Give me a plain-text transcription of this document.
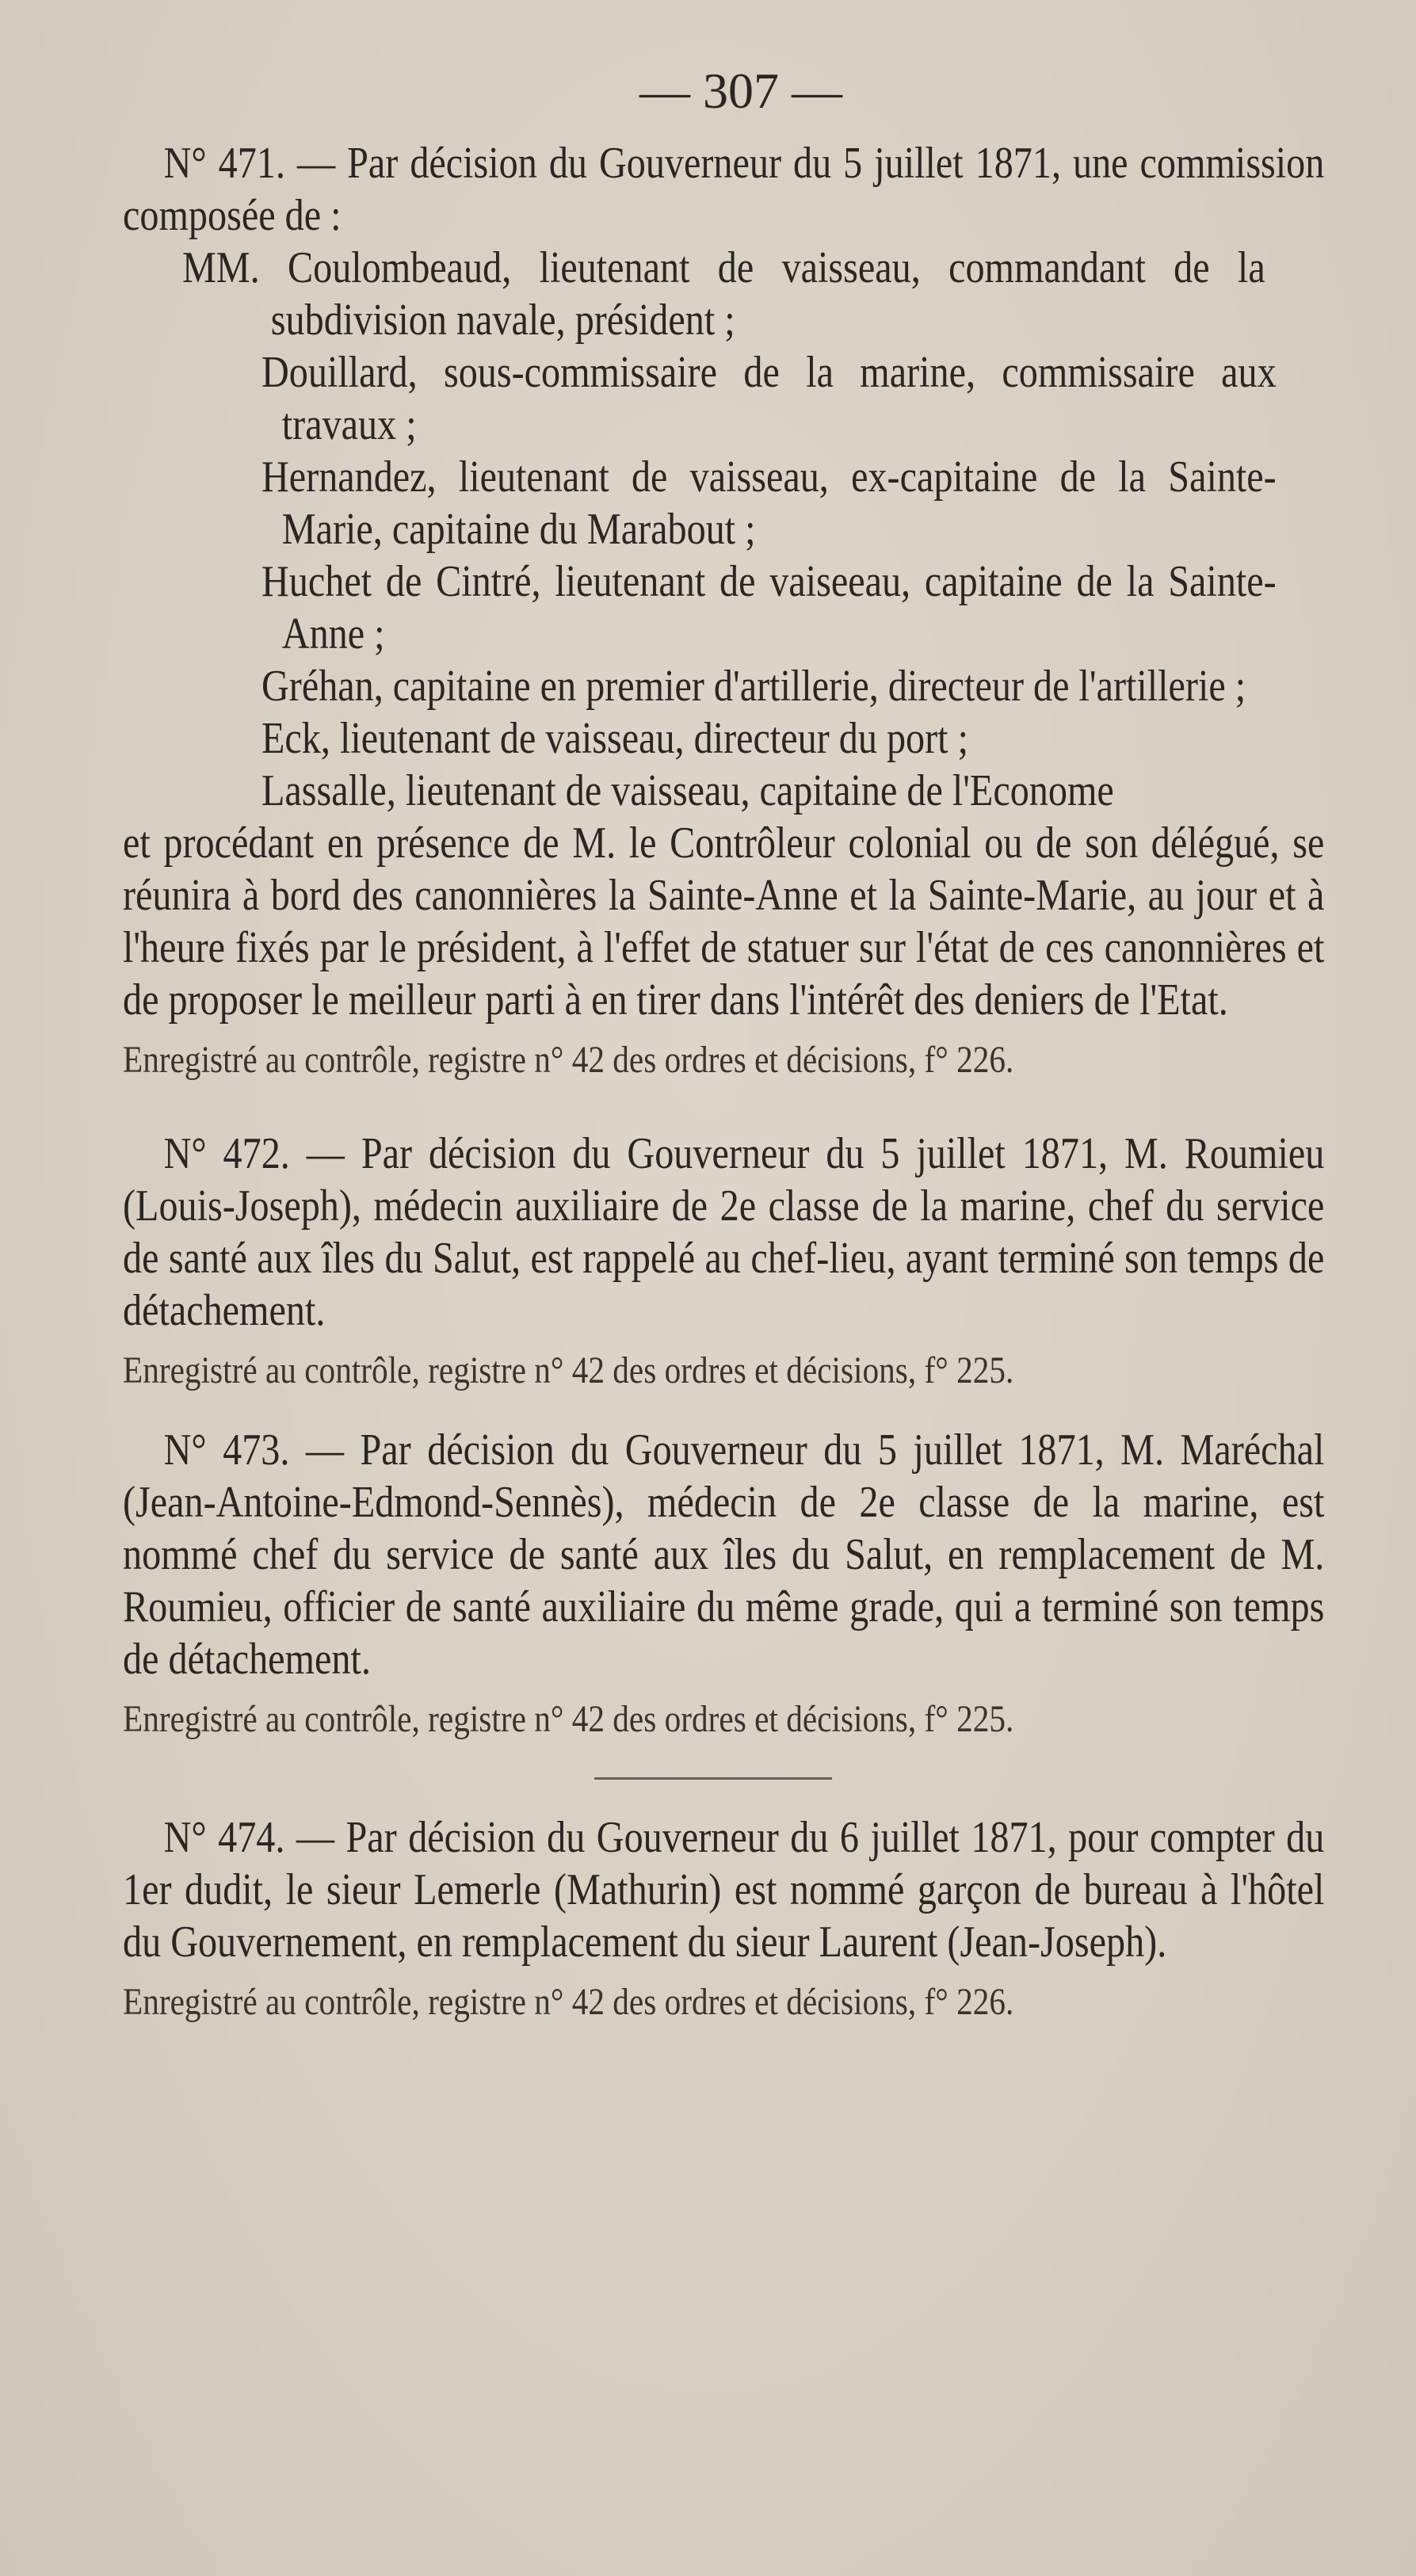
— 307 —

N° 471. — Par décision du Gouverneur du 5 juillet 1871, une commission composée de :

MM. Coulombeaud, lieutenant de vaisseau, commandant de la subdivision navale, président ;

Douillard, sous-commissaire de la marine, commissaire aux travaux ;

Hernandez, lieutenant de vaisseau, ex-capitaine de la Sainte-Marie, capitaine du Marabout ;

Huchet de Cintré, lieutenant de vaiseeau, capitaine de la Sainte-Anne ;

Gréhan, capitaine en premier d'artillerie, directeur de l'artillerie ;

Eck, lieutenant de vaisseau, directeur du port ;

Lassalle, lieutenant de vaisseau, capitaine de l'Econome

et procédant en présence de M. le Contrôleur colonial ou de son délégué, se réunira à bord des canonnières la Sainte-Anne et la Sainte-Marie, au jour et à l'heure fixés par le président, à l'effet de statuer sur l'état de ces canonnières et de proposer le meilleur parti à en tirer dans l'intérêt des deniers de l'Etat.

Enregistré au contrôle, registre n° 42 des ordres et décisions, f° 226.

N° 472. — Par décision du Gouverneur du 5 juillet 1871, M. Roumieu (Louis-Joseph), médecin auxiliaire de 2e classe de la marine, chef du service de santé aux îles du Salut, est rappelé au chef-lieu, ayant terminé son temps de détachement.

Enregistré au contrôle, registre n° 42 des ordres et décisions, f° 225.

N° 473. — Par décision du Gouverneur du 5 juillet 1871, M. Maréchal (Jean-Antoine-Edmond-Sennès), médecin de 2e classe de la marine, est nommé chef du service de santé aux îles du Salut, en remplacement de M. Roumieu, officier de santé auxiliaire du même grade, qui a terminé son temps de détachement.

Enregistré au contrôle, registre n° 42 des ordres et décisions, f° 225.

N° 474. — Par décision du Gouverneur du 6 juillet 1871, pour compter du 1er dudit, le sieur Lemerle (Mathurin) est nommé garçon de bureau à l'hôtel du Gouvernement, en remplacement du sieur Laurent (Jean-Joseph).

Enregistré au contrôle, registre n° 42 des ordres et décisions, f° 226.
